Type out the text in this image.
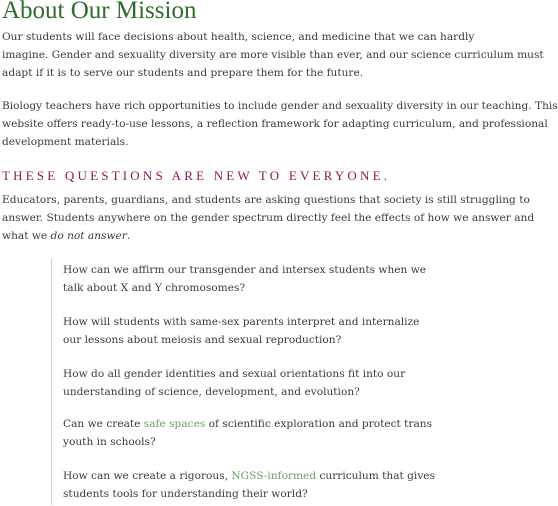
About Our Mission

Our students will face decisions about health, science, and medicine that we can hardly
imagine. Gender and sexuality diversity are more visible than ever, and our science curriculum must
adapt if it is to serve our students and prepare them for the future.

Biology teachers have rich opportunities to include gender and sexuality diversity in our teaching. This
website offers ready-to-use lessons, a reflection framework for adapting curriculum, and professional
development materials.

THESE QUESTIONS ARE NEW TO EVERYONE.

Educators, parents, guardians, and students are asking questions that society is still struggling to
answer. Students anywhere on the gender spectrum directly feel the effects of how we answer and
what we do not answer.

How can we affirm our transgender and intersex students when we
talk about X and Y chromosomes?

How will students with same-sex parents interpret and internalize
our lessons about meiosis and sexual reproduction?

How do all gender identities and sexual orientations fit into our
understanding of science, development, and evolution?

Can we create safe spaces of scientific exploration and protect trans
youth in schools?

How can we create a rigorous, NGSS-informed curriculum that gives
students tools for understanding their world?
